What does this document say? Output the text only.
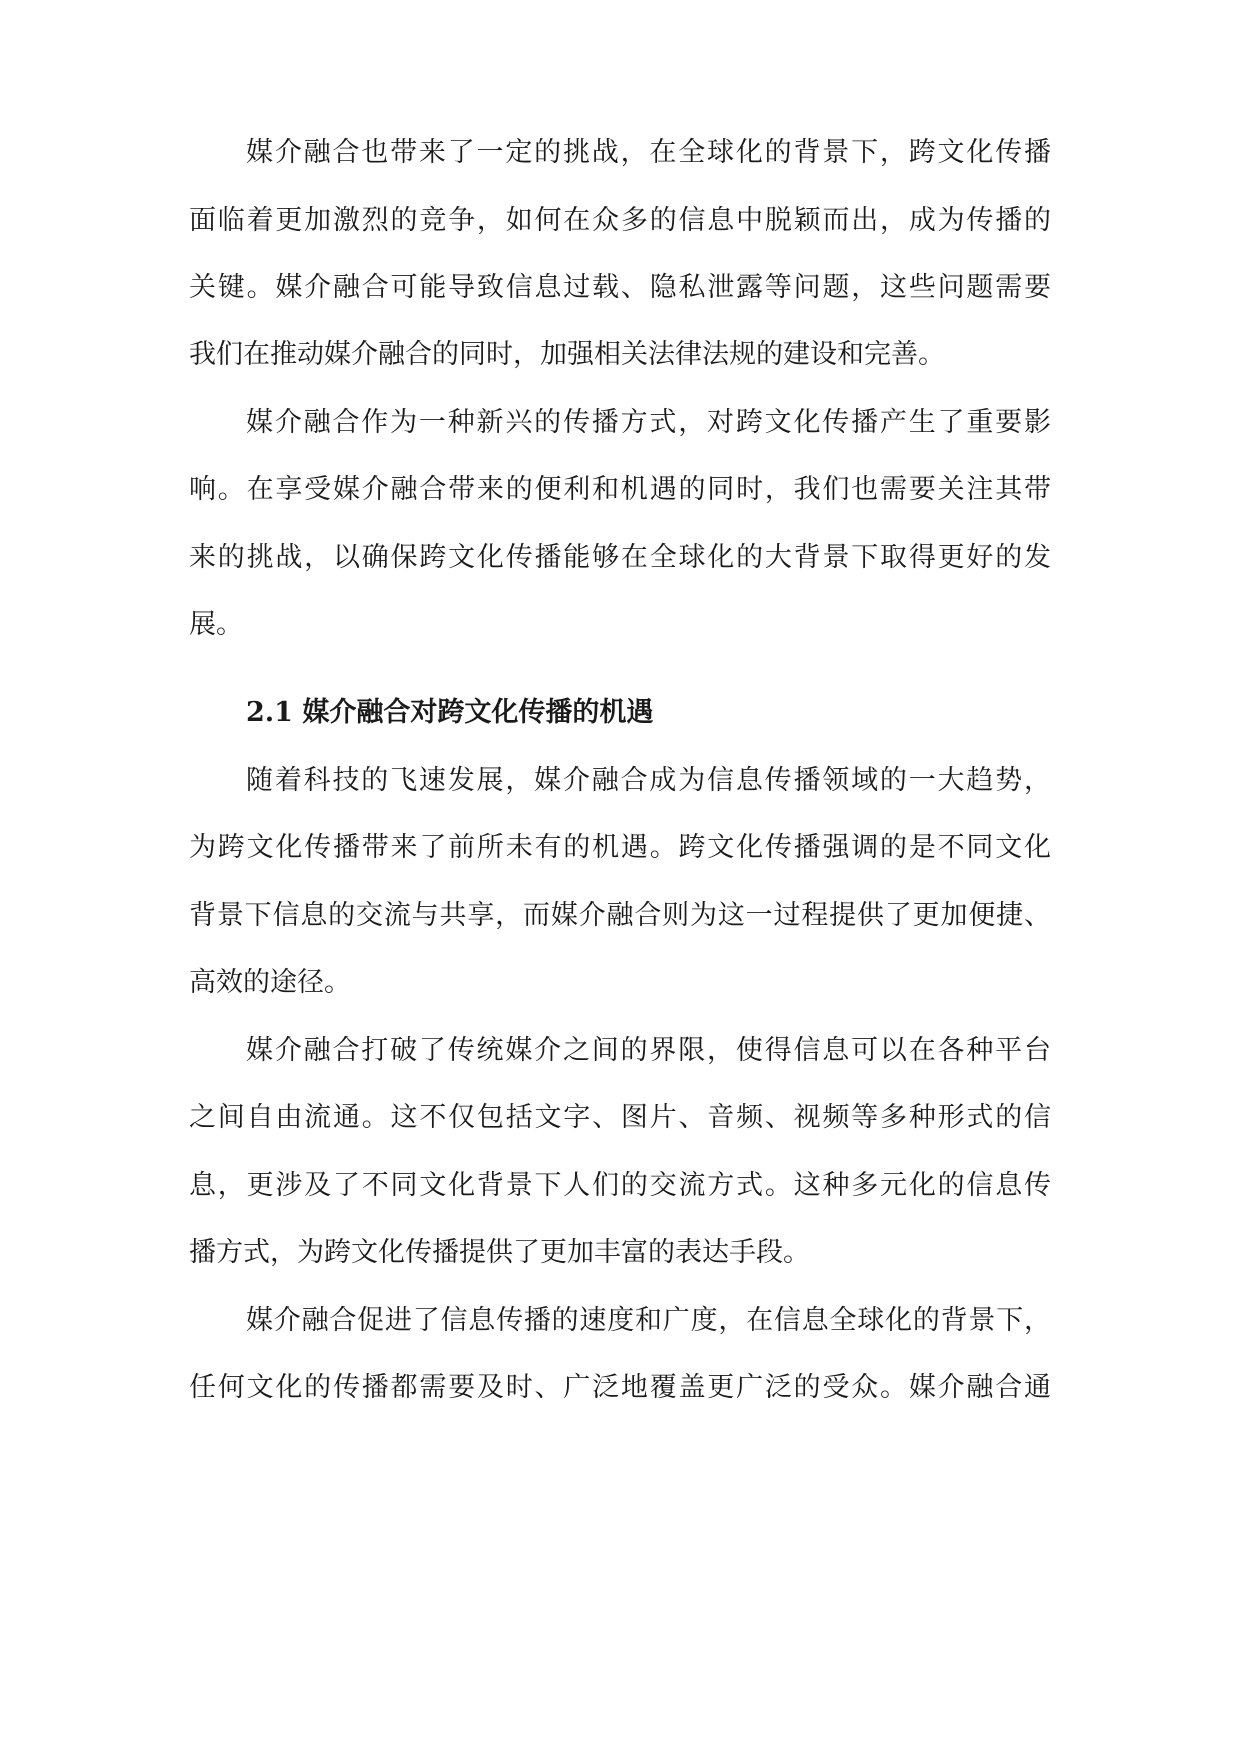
媒介融合也带来了一定的挑战，在全球化的背景下，跨文化传播
面临着更加激烈的竞争，如何在众多的信息中脱颖而出，成为传播的
关键。媒介融合可能导致信息过载、隐私泄露等问题，这些问题需要
我们在推动媒介融合的同时，加强相关法律法规的建设和完善。
媒介融合作为一种新兴的传播方式，对跨文化传播产生了重要影
响。在享受媒介融合带来的便利和机遇的同时，我们也需要关注其带
来的挑战，以确保跨文化传播能够在全球化的大背景下取得更好的发
展。
2.1 媒介融合对跨文化传播的机遇
随着科技的飞速发展，媒介融合成为信息传播领域的一大趋势，
为跨文化传播带来了前所未有的机遇。跨文化传播强调的是不同文化
背景下信息的交流与共享，而媒介融合则为这一过程提供了更加便捷、
高效的途径。
媒介融合打破了传统媒介之间的界限，使得信息可以在各种平台
之间自由流通。这不仅包括文字、图片、音频、视频等多种形式的信
息，更涉及了不同文化背景下人们的交流方式。这种多元化的信息传
播方式，为跨文化传播提供了更加丰富的表达手段。
媒介融合促进了信息传播的速度和广度，在信息全球化的背景下，
任何文化的传播都需要及时、广泛地覆盖更广泛的受众。媒介融合通
